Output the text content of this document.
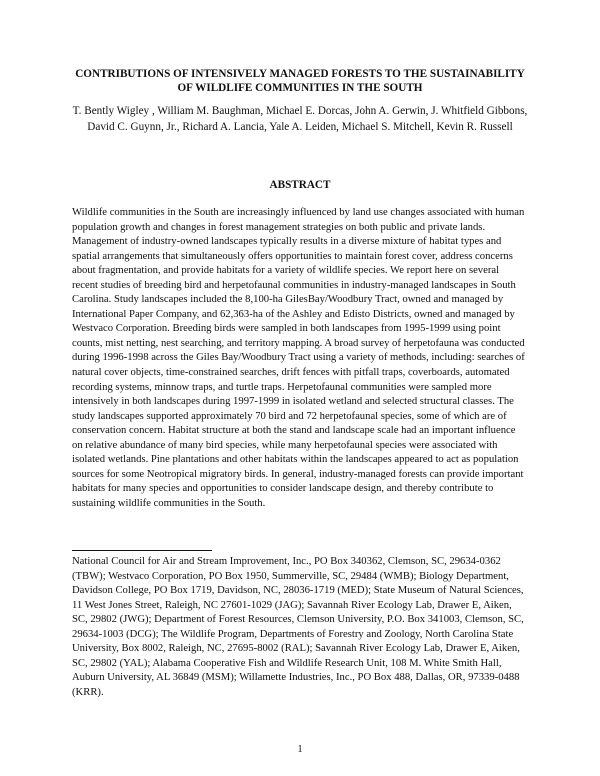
CONTRIBUTIONS OF INTENSIVELY MANAGED FORESTS TO THE SUSTAINABILITY OF WILDLIFE COMMUNITIES IN THE SOUTH
T. Bently Wigley , William M. Baughman, Michael E. Dorcas, John A. Gerwin, J. Whitfield Gibbons, David C. Guynn, Jr., Richard A. Lancia, Yale A. Leiden, Michael S. Mitchell, Kevin R. Russell
ABSTRACT
Wildlife communities in the South are increasingly influenced by land use changes associated with human population growth and changes in forest management strategies on both public and private lands. Management of industry-owned landscapes typically results in a diverse mixture of habitat types and spatial arrangements that simultaneously offers opportunities to maintain forest cover, address concerns about fragmentation, and provide habitats for a variety of wildlife species. We report here on several recent studies of breeding bird and herpetofaunal communities in industry-managed landscapes in South Carolina. Study landscapes included the 8,100-ha GilesBay/Woodbury Tract, owned and managed by International Paper Company, and 62,363-ha of the Ashley and Edisto Districts, owned and managed by Westvaco Corporation. Breeding birds were sampled in both landscapes from 1995-1999 using point counts, mist netting, nest searching, and territory mapping. A broad survey of herpetofauna was conducted during 1996-1998 across the Giles Bay/Woodbury Tract using a variety of methods, including: searches of natural cover objects, time-constrained searches, drift fences with pitfall traps, coverboards, automated recording systems, minnow traps, and turtle traps. Herpetofaunal communities were sampled more intensively in both landscapes during 1997-1999 in isolated wetland and selected structural classes. The study landscapes supported approximately 70 bird and 72 herpetofaunal species, some of which are of conservation concern. Habitat structure at both the stand and landscape scale had an important influence on relative abundance of many bird species, while many herpetofaunal species were associated with isolated wetlands. Pine plantations and other habitats within the landscapes appeared to act as population sources for some Neotropical migratory birds. In general, industry-managed forests can provide important habitats for many species and opportunities to consider landscape design, and thereby contribute to sustaining wildlife communities in the South.
National Council for Air and Stream Improvement, Inc., PO Box 340362, Clemson, SC, 29634-0362 (TBW); Westvaco Corporation, PO Box 1950, Summerville, SC, 29484 (WMB); Biology Department, Davidson College, PO Box 1719, Davidson, NC, 28036-1719 (MED); State Museum of Natural Sciences, 11 West Jones Street, Raleigh, NC 27601-1029 (JAG); Savannah River Ecology Lab, Drawer E, Aiken, SC, 29802 (JWG); Department of Forest Resources, Clemson University, P.O. Box 341003, Clemson, SC, 29634-1003 (DCG); The Wildlife Program, Departments of Forestry and Zoology, North Carolina State University, Box 8002, Raleigh, NC, 27695-8002 (RAL); Savannah River Ecology Lab, Drawer E, Aiken, SC, 29802 (YAL); Alabama Cooperative Fish and Wildlife Research Unit, 108 M. White Smith Hall, Auburn University, AL 36849 (MSM); Willamette Industries, Inc., PO Box 488, Dallas, OR, 97339-0488 (KRR).
1
